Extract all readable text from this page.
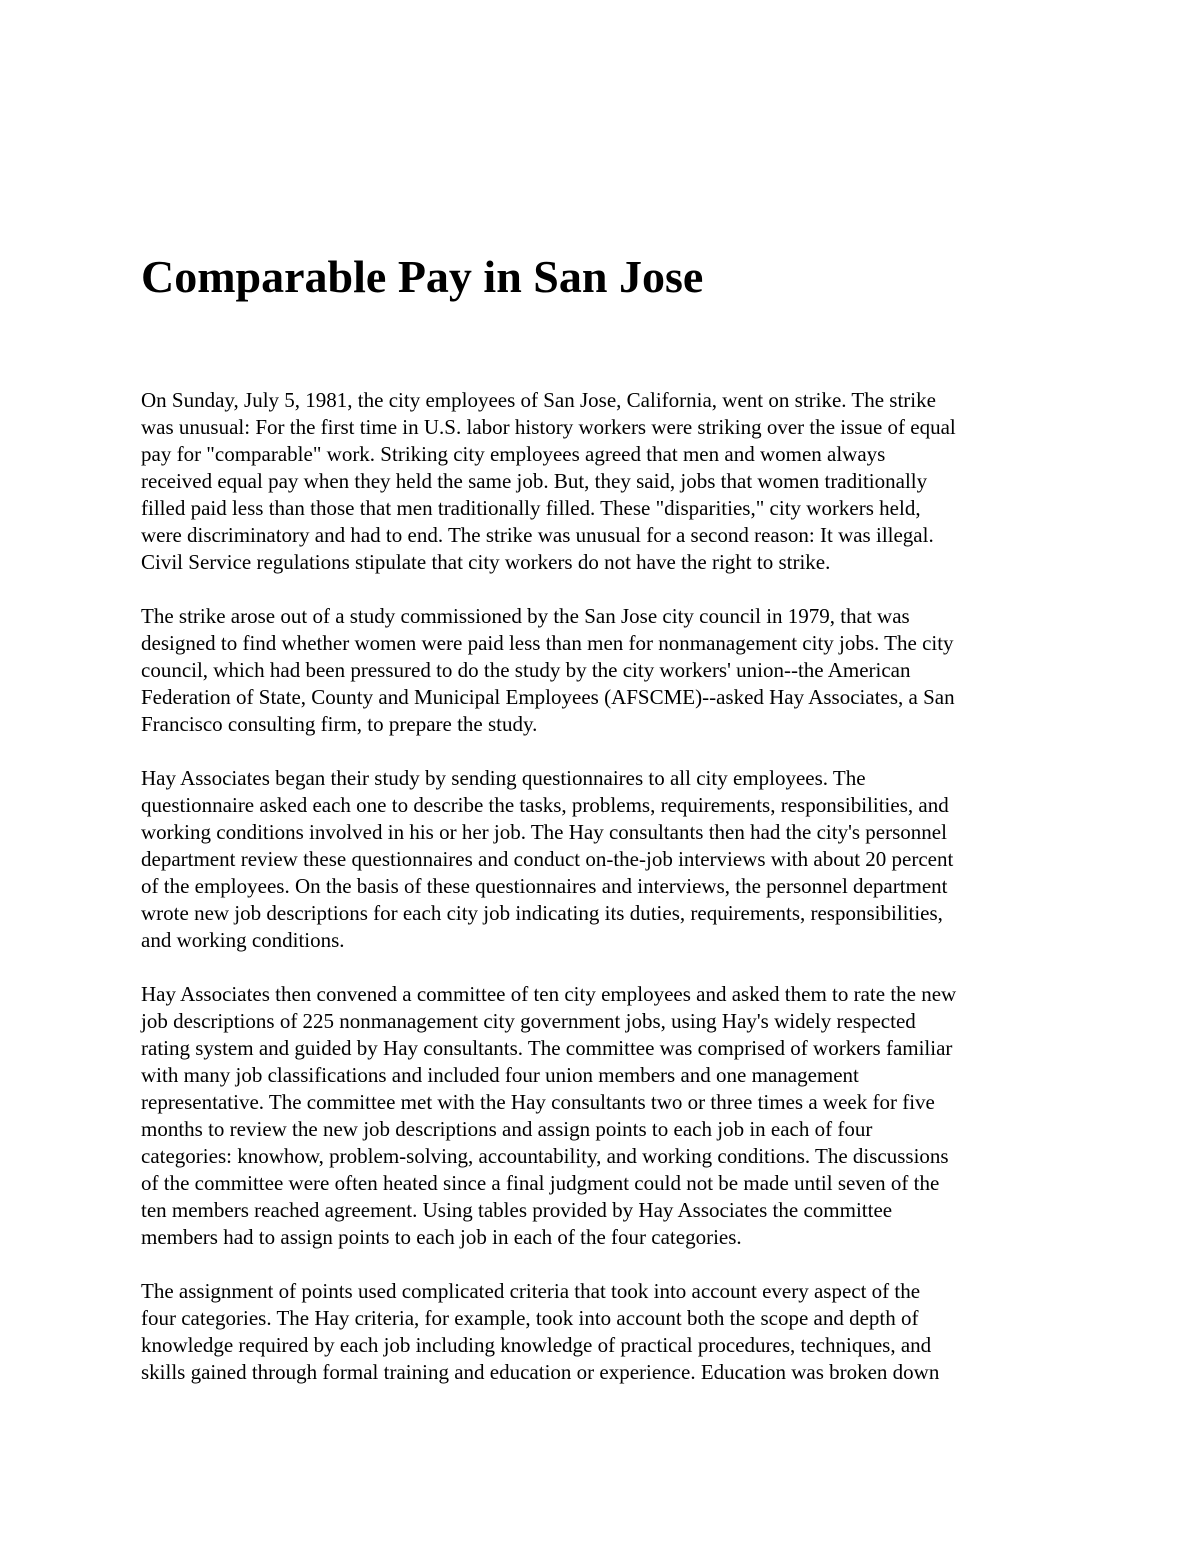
Comparable Pay in San Jose
On Sunday, July 5, 1981, the city employees of San Jose, California, went on strike. The strike
was unusual: For the first time in U.S. labor history workers were striking over the issue of equal
pay for "comparable" work. Striking city employees agreed that men and women always
received equal pay when they held the same job. But, they said, jobs that women traditionally
filled paid less than those that men traditionally filled. These "disparities," city workers held,
were discriminatory and had to end. The strike was unusual for a second reason: It was illegal.
Civil Service regulations stipulate that city workers do not have the right to strike.
The strike arose out of a study commissioned by the San Jose city council in 1979, that was
designed to find whether women were paid less than men for nonmanagement city jobs. The city
council, which had been pressured to do the study by the city workers' union--the American
Federation of State, County and Municipal Employees (AFSCME)--asked Hay Associates, a San
Francisco consulting firm, to prepare the study.
Hay Associates began their study by sending questionnaires to all city employees. The
questionnaire asked each one to describe the tasks, problems, requirements, responsibilities, and
working conditions involved in his or her job. The Hay consultants then had the city's personnel
department review these questionnaires and conduct on-the-job interviews with about 20 percent
of the employees. On the basis of these questionnaires and interviews, the personnel department
wrote new job descriptions for each city job indicating its duties, requirements, responsibilities,
and working conditions.
Hay Associates then convened a committee of ten city employees and asked them to rate the new
job descriptions of 225 nonmanagement city government jobs, using Hay's widely respected
rating system and guided by Hay consultants. The committee was comprised of workers familiar
with many job classifications and included four union members and one management
representative. The committee met with the Hay consultants two or three times a week for five
months to review the new job descriptions and assign points to each job in each of four
categories: knowhow, problem-solving, accountability, and working conditions. The discussions
of the committee were often heated since a final judgment could not be made until seven of the
ten members reached agreement. Using tables provided by Hay Associates the committee
members had to assign points to each job in each of the four categories.
The assignment of points used complicated criteria that took into account every aspect of the
four categories. The Hay criteria, for example, took into account both the scope and depth of
knowledge required by each job including knowledge of practical procedures, techniques, and
skills gained through formal training and education or experience. Education was broken down
